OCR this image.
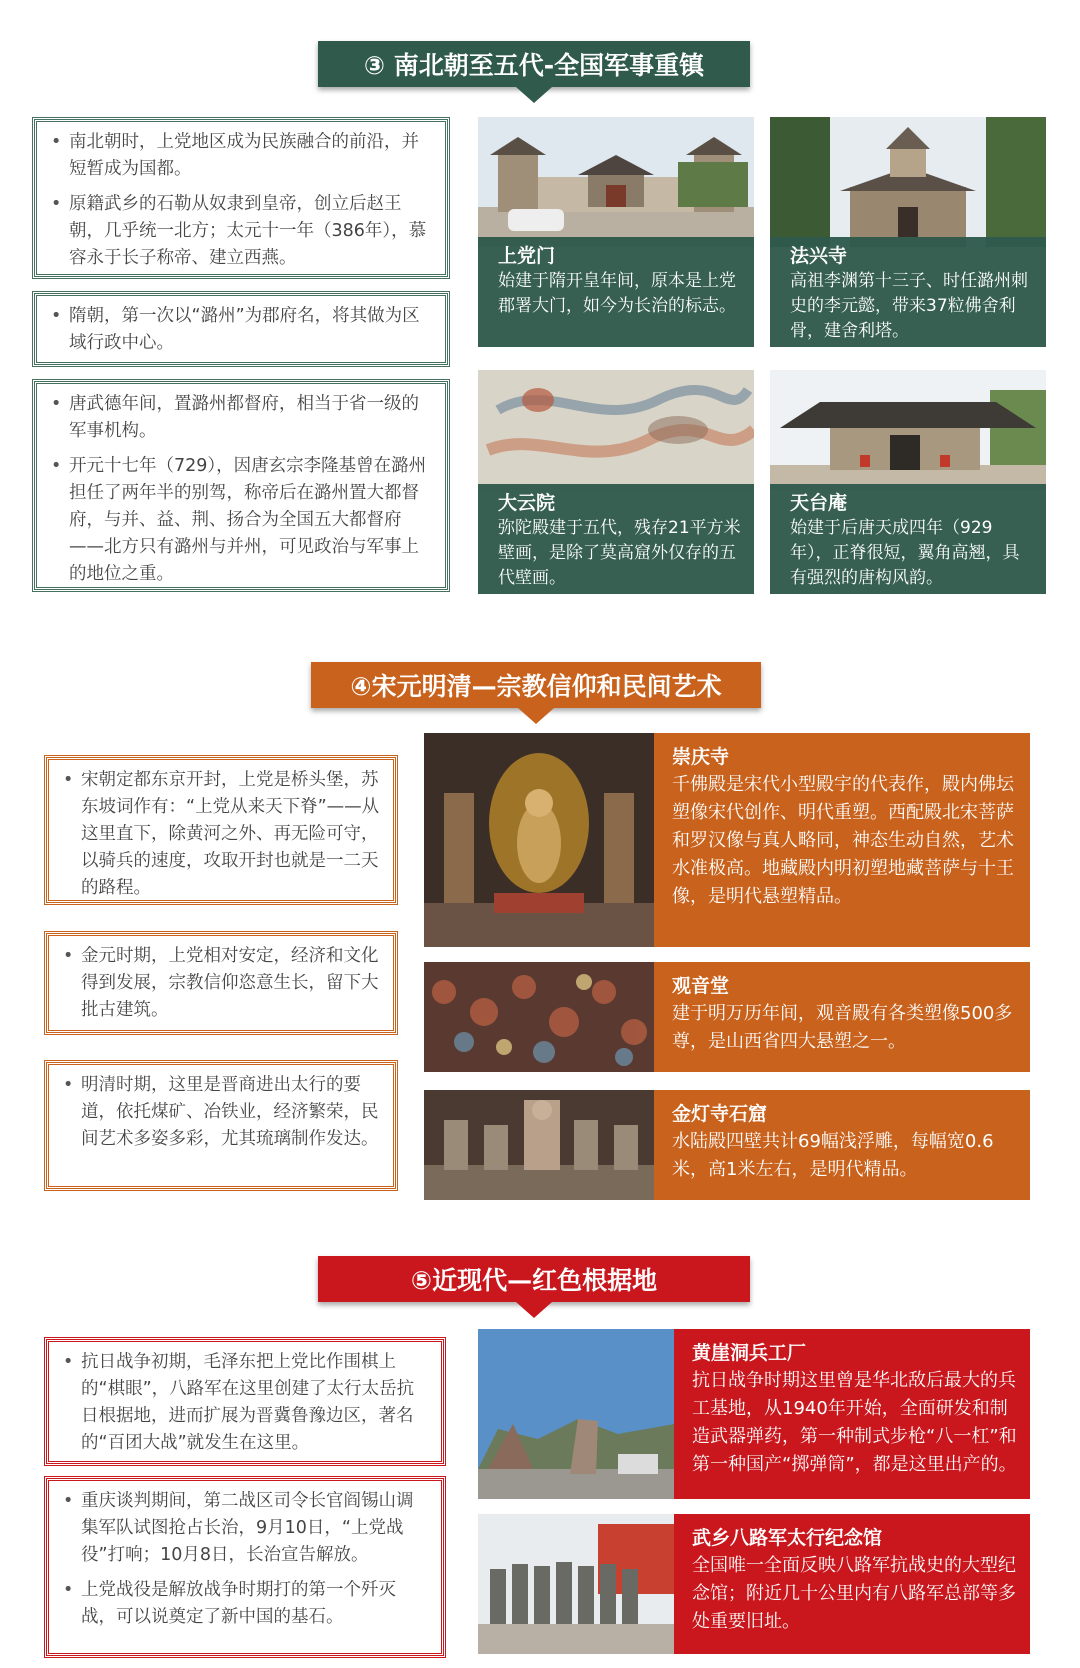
③ 南北朝至五代-全国军事重镇
• 南北朝时，上党地区成为民族融合的前沿，并短暂成为国都。
• 原籍武乡的石勒从奴隶到皇帝，创立后赵王朝，几乎统一北方；太元十一年（386年），慕容永于长子称帝、建立西燕。
• 隋朝，第一次以“潞州”为郡府名，将其做为区域行政中心。
• 唐武德年间，置潞州都督府，相当于省一级的军事机构。
• 开元十七年（729），因唐玄宗李隆基曾在潞州担任了两年半的别驾，称帝后在潞州置大都督府，与并、益、荆、扬合为全国五大都督府——北方只有潞州与并州，可见政治与军事上的地位之重。
上党门
始建于隋开皇年间，原本是上党郡署大门，如今为长治的标志。
法兴寺
高祖李渊第十三子、时任潞州刺史的李元懿，带来37粒佛舍利骨，建舍利塔。
大云院
弥陀殿建于五代，残存21平方米壁画，是除了莫高窟外仅存的五代壁画。
天台庵
始建于后唐天成四年（929年），正脊很短，翼角高翘，具有强烈的唐构风韵。
④宋元明清—宗教信仰和民间艺术
• 宋朝定都东京开封，上党是桥头堡，苏东坡词作有：“上党从来天下脊”——从这里直下，除黄河之外、再无险可守，以骑兵的速度，攻取开封也就是一二天的路程。
• 金元时期，上党相对安定，经济和文化得到发展，宗教信仰恣意生长，留下大批古建筑。
• 明清时期，这里是晋商进出太行的要道，依托煤矿、冶铁业，经济繁荣，民间艺术多姿多彩，尤其琉璃制作发达。
崇庆寺
千佛殿是宋代小型殿宇的代表作，殿内佛坛塑像宋代创作、明代重塑。西配殿北宋菩萨和罗汉像与真人略同，神态生动自然，艺术水准极高。地藏殿内明初塑地藏菩萨与十王像，是明代悬塑精品。
观音堂
建于明万历年间，观音殿有各类塑像500多尊，是山西省四大悬塑之一。
金灯寺石窟
水陆殿四壁共计69幅浅浮雕，每幅宽0.6米，高1米左右，是明代精品。
⑤近现代—红色根据地
• 抗日战争初期，毛泽东把上党比作围棋上的“棋眼”，八路军在这里创建了太行太岳抗日根据地，进而扩展为晋冀鲁豫边区，著名的“百团大战”就发生在这里。
• 重庆谈判期间，第二战区司令长官阎锡山调集军队试图抢占长治，9月10日，“上党战役”打响；10月8日，长治宣告解放。
• 上党战役是解放战争时期打的第一个歼灭战，可以说奠定了新中国的基石。
黄崖洞兵工厂
抗日战争时期这里曾是华北敌后最大的兵工基地，从1940年开始，全面研发和制造武器弹药，第一种制式步枪“八一杠”和第一种国产“掷弹筒”，都是这里出产的。
武乡八路军太行纪念馆
全国唯一全面反映八路军抗战史的大型纪念馆；附近几十公里内有八路军总部等多处重要旧址。
